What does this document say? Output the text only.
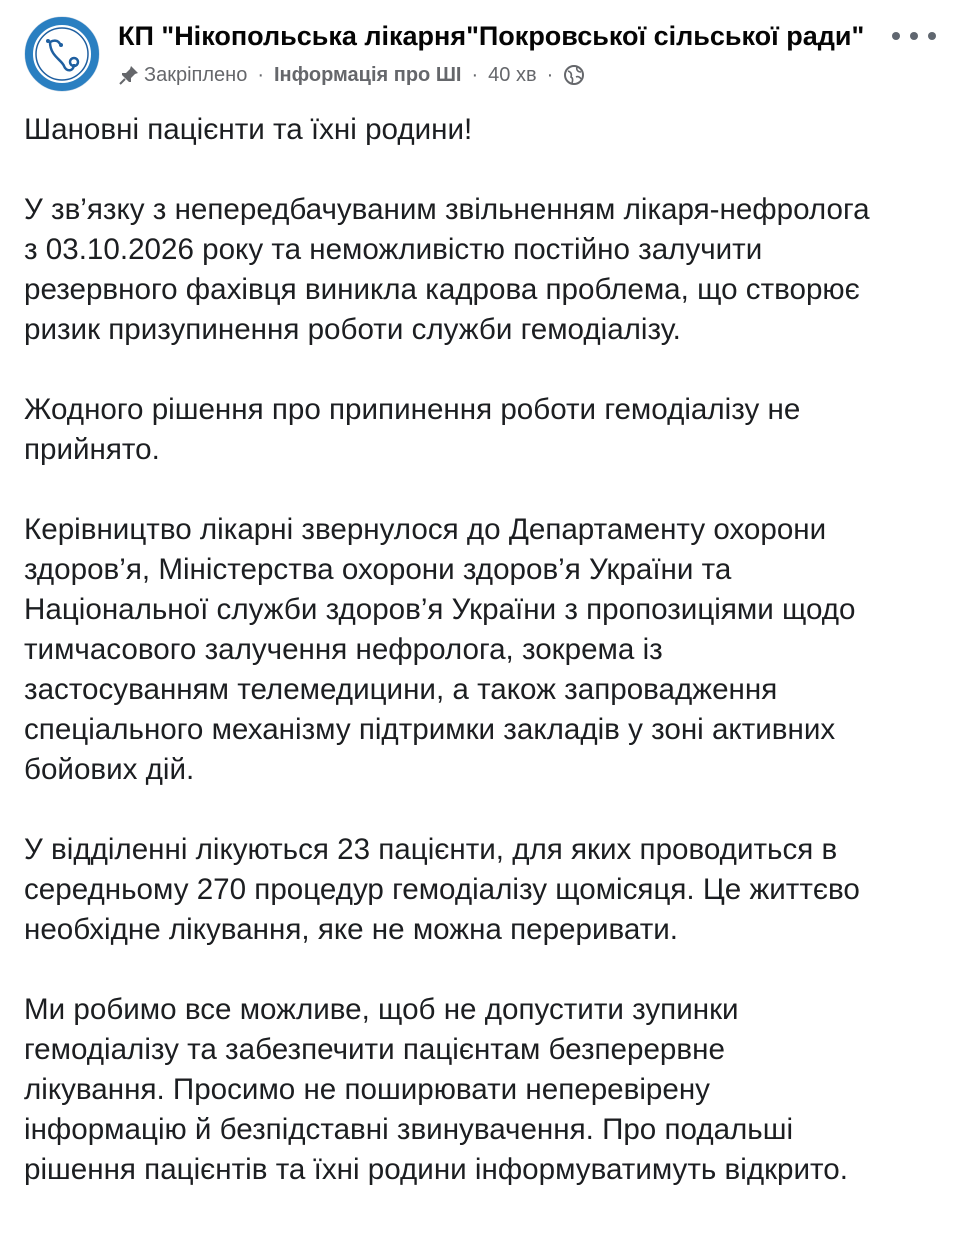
КП "Нікопольська лікарня"Покровської сільської ради"
Закріплено · Інформація про ШІ · 40 хв ·

Шановні пацієнти та їхні родини!

У зв’язку з непередбачуваним звільненням лікаря-нефролога
з 03.10.2026 року та неможливістю постійно залучити
резервного фахівця виникла кадрова проблема, що створює
ризик призупинення роботи служби гемодіалізу.

Жодного рішення про припинення роботи гемодіалізу не
прийнято.

Керівництво лікарні звернулося до Департаменту охорони
здоров’я, Міністерства охорони здоров’я України та
Національної служби здоров’я України з пропозиціями щодо
тимчасового залучення нефролога, зокрема із
застосуванням телемедицини, а також запровадження
спеціального механізму підтримки закладів у зоні активних
бойових дій.

У відділенні лікуються 23 пацієнти, для яких проводиться в
середньому 270 процедур гемодіалізу щомісяця. Це життєво
необхідне лікування, яке не можна переривати.

Ми робимо все можливе, щоб не допустити зупинки
гемодіалізу та забезпечити пацієнтам безперервне
лікування. Просимо не поширювати неперевірену
інформацію й безпідставні звинувачення. Про подальші
рішення пацієнтів та їхні родини інформуватимуть відкрито.
